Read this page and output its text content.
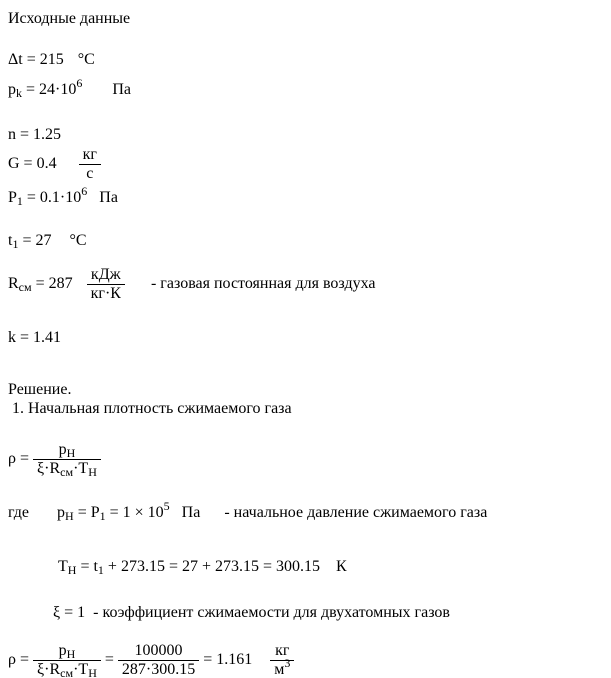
Исходные данные
Δt = 215 °C
$p_k = 24\cdot 10^6$ Па
n = 1.25
$G = 0.4 \frac{кг}{с}$
$P_1 = 0.1\cdot 10^6$ Па
$t_1 = 27$ °C
$R_{см} = 287 \frac{\text{кДж}}{кг\cdot К}$ - газовая постоянная для воздуха
k = 1.41
Решение.
1. Начальная плотность сжимаемого газа
$\rho = \frac{p_Н}{\xi\cdot R_{см}\cdot T_Н}$
где $p_Н = P_1 = 1 \times 10^5$ Па - начальное давление сжимаемого газа
$T_Н = t_1 + 273.15 = 27 + 273.15 = 300.15$ К
ξ = 1 - коэффициент сжимаемости для двухатомных газов
$\rho = \frac{p_Н}{\xi\cdot R_{см}\cdot T_Н} = \frac{100000}{287\cdot 300.15} = 1.161 \frac{кг}{м^3}$
